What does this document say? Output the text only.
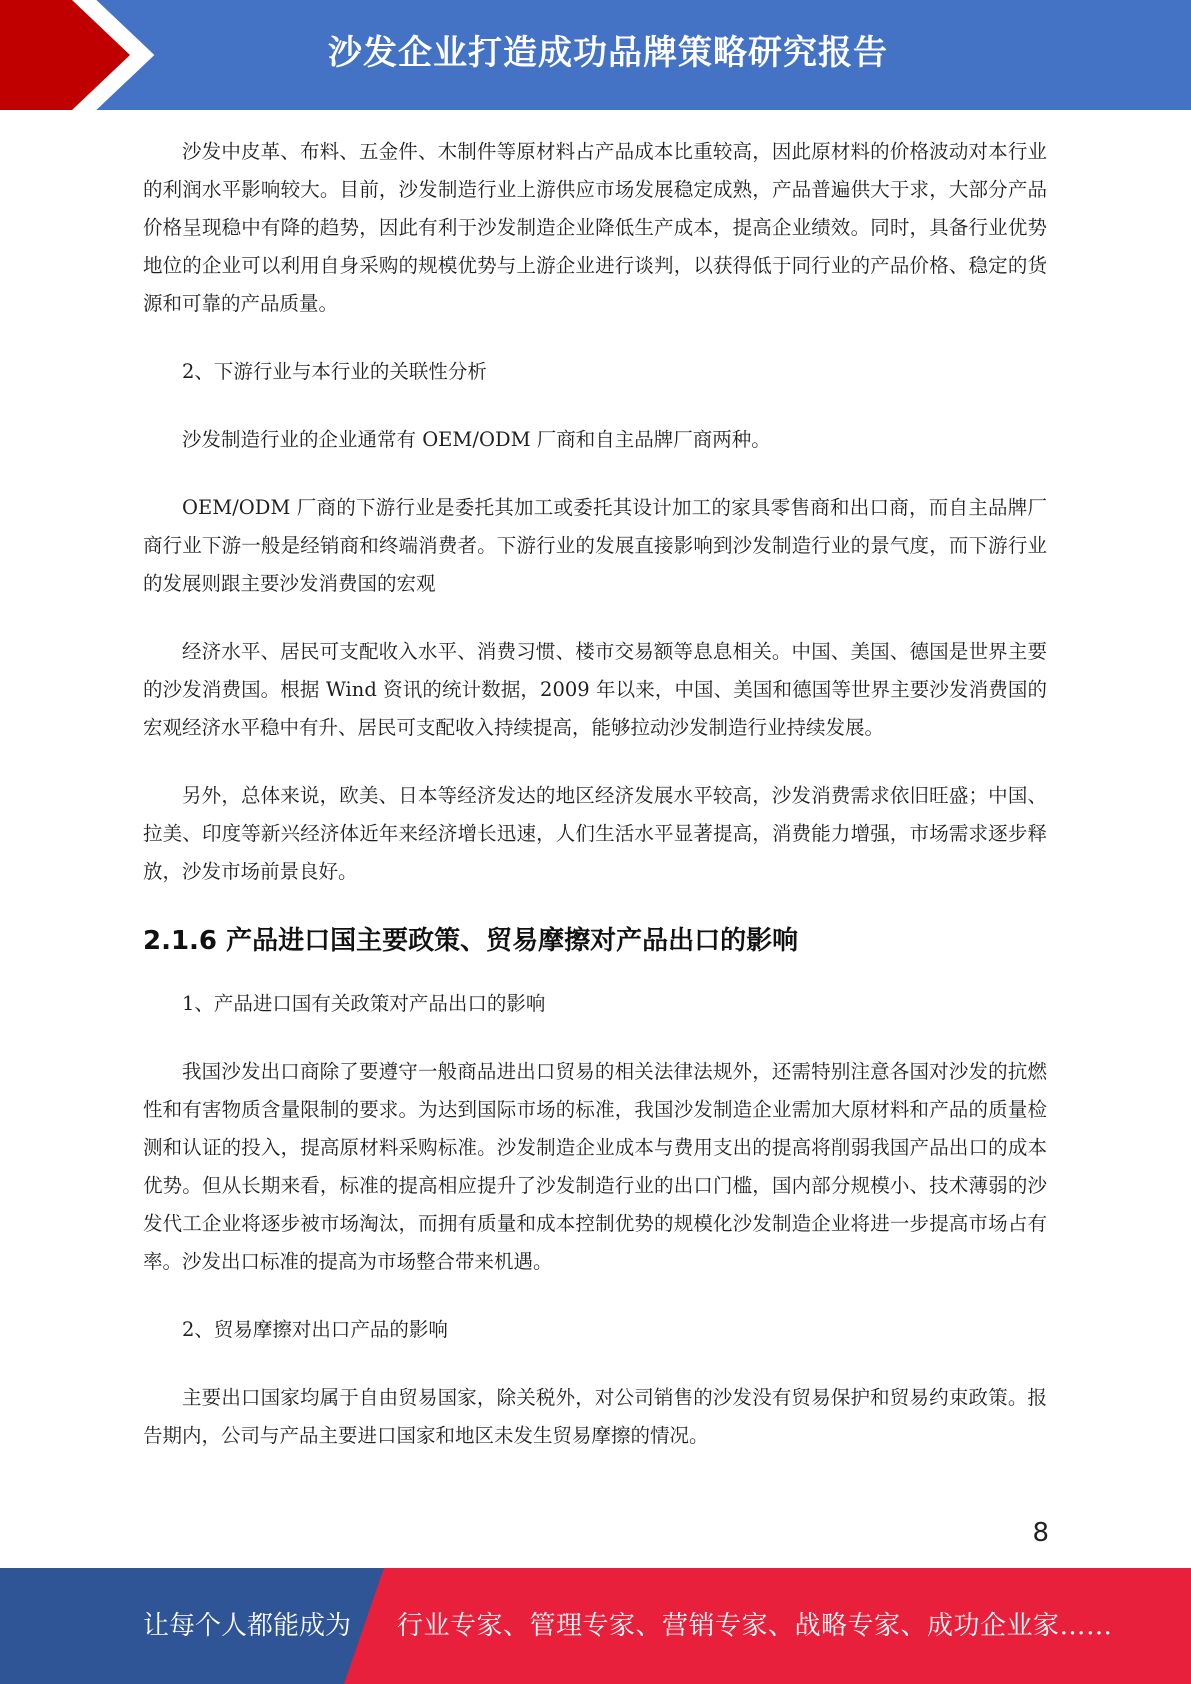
沙发企业打造成功品牌策略研究报告

沙发中皮革、布料、五金件、木制件等原材料占产品成本比重较高，因此原材料的价格波动对本行业的利润水平影响较大。目前，沙发制造行业上游供应市场发展稳定成熟，产品普遍供大于求，大部分产品价格呈现稳中有降的趋势，因此有利于沙发制造企业降低生产成本，提高企业绩效。同时，具备行业优势地位的企业可以利用自身采购的规模优势与上游企业进行谈判，以获得低于同行业的产品价格、稳定的货源和可靠的产品质量。

2、下游行业与本行业的关联性分析

沙发制造行业的企业通常有 OEM/ODM 厂商和自主品牌厂商两种。

OEM/ODM 厂商的下游行业是委托其加工或委托其设计加工的家具零售商和出口商，而自主品牌厂商行业下游一般是经销商和终端消费者。下游行业的发展直接影响到沙发制造行业的景气度，而下游行业的发展则跟主要沙发消费国的宏观

经济水平、居民可支配收入水平、消费习惯、楼市交易额等息息相关。中国、美国、德国是世界主要的沙发消费国。根据 Wind 资讯的统计数据，2009 年以来，中国、美国和德国等世界主要沙发消费国的宏观经济水平稳中有升、居民可支配收入持续提高，能够拉动沙发制造行业持续发展。

另外，总体来说，欧美、日本等经济发达的地区经济发展水平较高，沙发消费需求依旧旺盛；中国、拉美、印度等新兴经济体近年来经济增长迅速，人们生活水平显著提高，消费能力增强，市场需求逐步释放，沙发市场前景良好。

2.1.6 产品进口国主要政策、贸易摩擦对产品出口的影响

1、产品进口国有关政策对产品出口的影响

我国沙发出口商除了要遵守一般商品进出口贸易的相关法律法规外，还需特别注意各国对沙发的抗燃性和有害物质含量限制的要求。为达到国际市场的标准，我国沙发制造企业需加大原材料和产品的质量检测和认证的投入，提高原材料采购标准。沙发制造企业成本与费用支出的提高将削弱我国产品出口的成本优势。但从长期来看，标准的提高相应提升了沙发制造行业的出口门槛，国内部分规模小、技术薄弱的沙发代工企业将逐步被市场淘汰，而拥有质量和成本控制优势的规模化沙发制造企业将进一步提高市场占有率。沙发出口标准的提高为市场整合带来机遇。

2、贸易摩擦对出口产品的影响

主要出口国家均属于自由贸易国家，除关税外，对公司销售的沙发没有贸易保护和贸易约束政策。报告期内，公司与产品主要进口国家和地区未发生贸易摩擦的情况。

8
让每个人都能成为 行业专家、管理专家、营销专家、战略专家、成功企业家……
